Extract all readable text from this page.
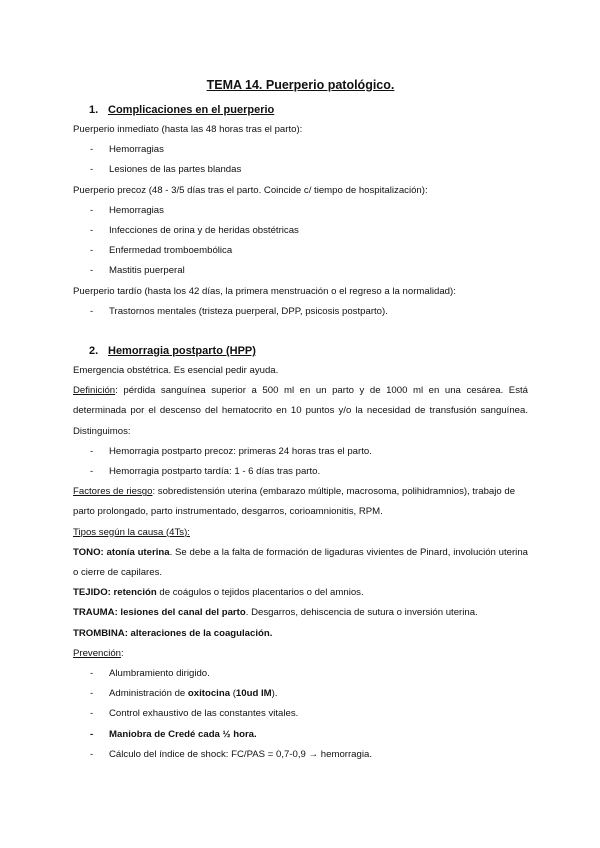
TEMA 14. Puerperio patológico.
1. Complicaciones en el puerperio

Puerperio inmediato (hasta las 48 horas tras el parto):

- Hemorragias
- Lesiones de las partes blandas

Puerperio precoz (48 - 3/5 días tras el parto. Coincide c/ tiempo de hospitalización):

- Hemorragias
- Infecciones de orina y de heridas obstétricas
- Enfermedad tromboembólica
- Mastitis puerperal

Puerperio tardío (hasta los 42 días, la primera menstruación o el regreso a la normalidad):

- Trastornos mentales (tristeza puerperal, DPP, psicosis postparto).
2. Hemorragia postparto (HPP)

Emergencia obstétrica. Es esencial pedir ayuda.

Definición: pérdida sanguínea superior a 500 ml en un parto y de 1000 ml en una cesárea. Está determinada por el descenso del hematocrito en 10 puntos y/o la necesidad de transfusión sanguínea. Distinguimos:

- Hemorragia postparto precoz: primeras 24 horas tras el parto.
- Hemorragia postparto tardía: 1 - 6 días tras parto.

Factores de riesgo: sobredistensión uterina (embarazo múltiple, macrosoma, polihidramnios), trabajo de parto prolongado, parto instrumentado, desgarros, corioamnionitis, RPM.

Tipos según la causa (4Ts):

TONO: atonía uterina. Se debe a la falta de formación de ligaduras vivientes de Pinard, involución uterina o cierre de capilares.

TEJIDO: retención de coágulos o tejidos placentarios o del amnios.

TRAUMA: lesiones del canal del parto. Desgarros, dehiscencia de sutura o inversión uterina.

TROMBINA: alteraciones de la coagulación.

Prevención:

- Alumbramiento dirigido.
- Administración de oxitocina (10ud IM).
- Control exhaustivo de las constantes vitales.
- Maniobra de Credé cada ½ hora.
- Cálculo del índice de shock: FC/PAS = 0,7-0,9 → hemorragia.
